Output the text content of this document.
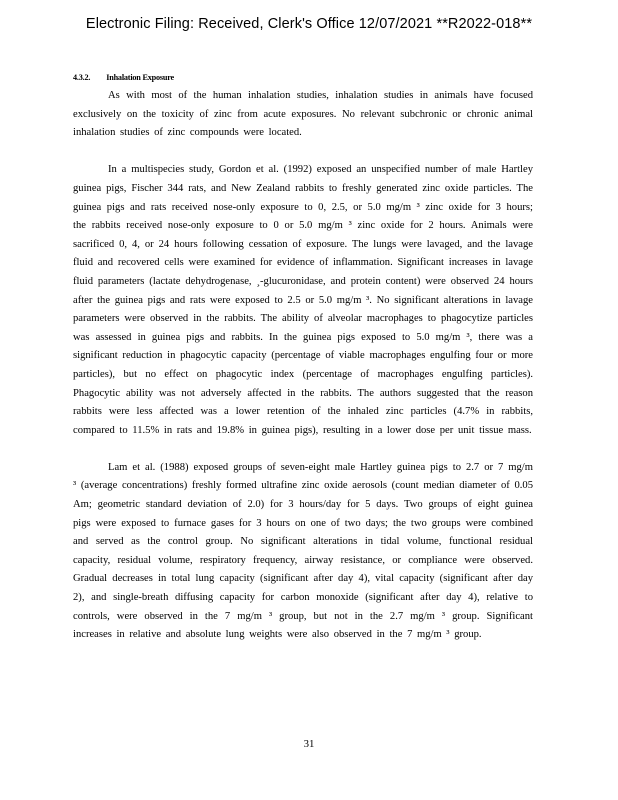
Electronic Filing: Received, Clerk's Office 12/07/2021 **R2022-018**
4.3.2. Inhalation Exposure

As with most of the human inhalation studies, inhalation studies in animals have focused exclusively on the toxicity of zinc from acute exposures. No relevant subchronic or chronic animal inhalation studies of zinc compounds were located.

In a multispecies study, Gordon et al. (1992) exposed an unspecified number of male Hartley guinea pigs, Fischer 344 rats, and New Zealand rabbits to freshly generated zinc oxide particles. The guinea pigs and rats received nose-only exposure to 0, 2.5, or 5.0 mg/m ³ zinc oxide for 3 hours; the rabbits received nose-only exposure to 0 or 5.0 mg/m ³ zinc oxide for 2 hours. Animals were sacrificed 0, 4, or 24 hours following cessation of exposure. The lungs were lavaged, and the lavage fluid and recovered cells were examined for evidence of inflammation. Significant increases in lavage fluid parameters (lactate dehydrogenase, ¸-glucuronidase, and protein content) were observed 24 hours after the guinea pigs and rats were exposed to 2.5 or 5.0 mg/m ³. No significant alterations in lavage parameters were observed in the rabbits. The ability of alveolar macrophages to phagocytize particles was assessed in guinea pigs and rabbits. In the guinea pigs exposed to 5.0 mg/m ³, there was a significant reduction in phagocytic capacity (percentage of viable macrophages engulfing four or more particles), but no effect on phagocytic index (percentage of macrophages engulfing particles). Phagocytic ability was not adversely affected in the rabbits. The authors suggested that the reason rabbits were less affected was a lower retention of the inhaled zinc particles (4.7% in rabbits, compared to 11.5% in rats and 19.8% in guinea pigs), resulting in a lower dose per unit tissue mass.

Lam et al. (1988) exposed groups of seven-eight male Hartley guinea pigs to 2.7 or 7 mg/m ³ (average concentrations) freshly formed ultrafine zinc oxide aerosols (count median diameter of 0.05 Am; geometric standard deviation of 2.0) for 3 hours/day for 5 days. Two groups of eight guinea pigs were exposed to furnace gases for 3 hours on one of two days; the two groups were combined and served as the control group. No significant alterations in tidal volume, functional residual capacity, residual volume, respiratory frequency, airway resistance, or compliance were observed. Gradual decreases in total lung capacity (significant after day 4), vital capacity (significant after day 2), and single-breath diffusing capacity for carbon monoxide (significant after day 4), relative to controls, were observed in the 7 mg/m ³ group, but not in the 2.7 mg/m ³ group. Significant increases in relative and absolute lung weights were also observed in the 7 mg/m ³ group.

31
